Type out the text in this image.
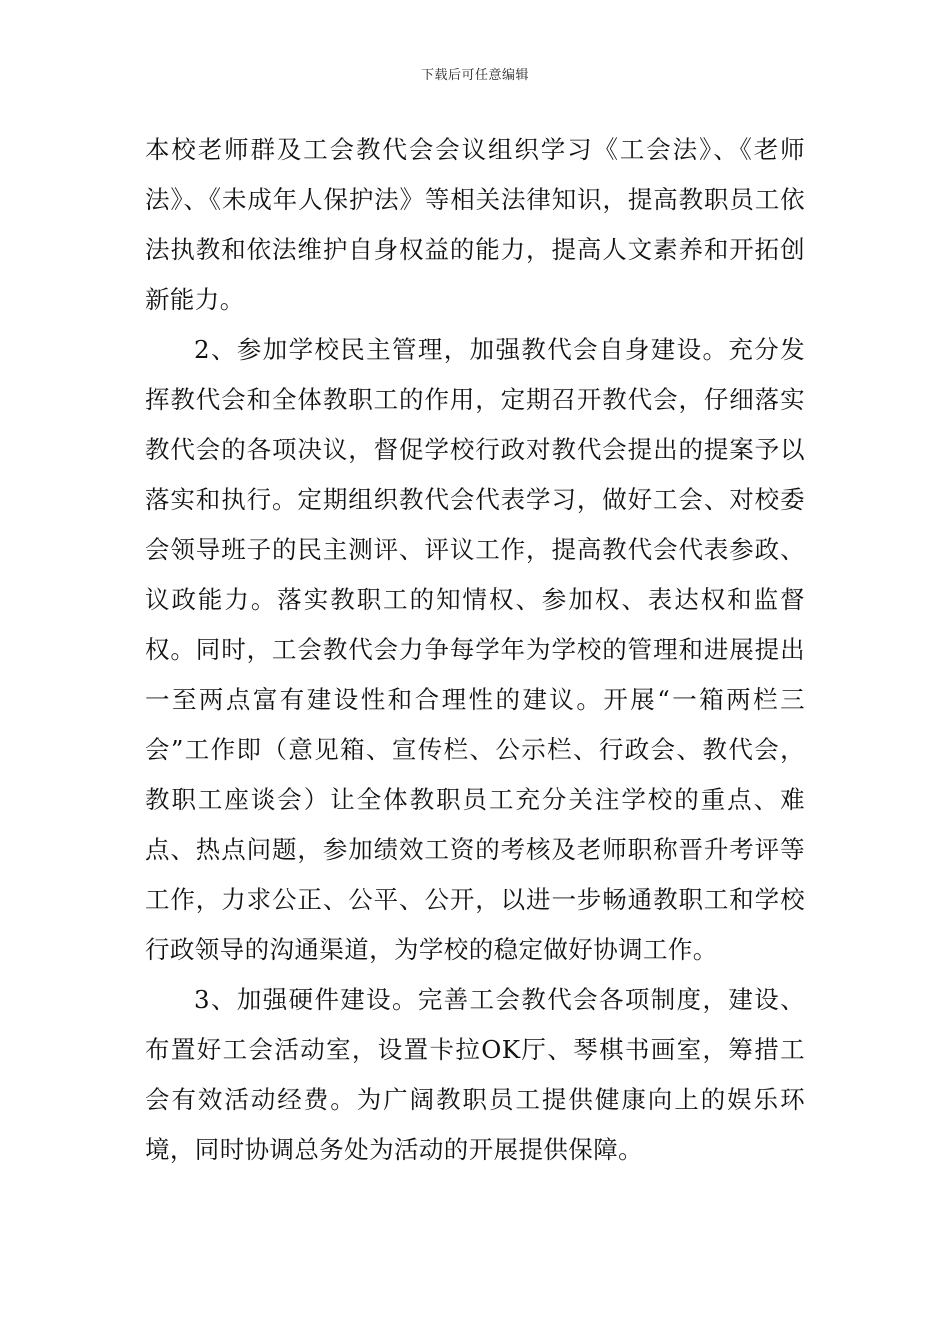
下载后可任意编辑

本校老师群及工会教代会会议组织学习《工会法》、《老师法》、《未成年人保护法》等相关法律知识，提高教职员工依法执教和依法维护自身权益的能力，提高人文素养和开拓创新能力。

2、参加学校民主管理，加强教代会自身建设。充分发挥教代会和全体教职工的作用，定期召开教代会，仔细落实教代会的各项决议，督促学校行政对教代会提出的提案予以落实和执行。定期组织教代会代表学习，做好工会、对校委会领导班子的民主测评、评议工作，提高教代会代表参政、议政能力。落实教职工的知情权、参加权、表达权和监督权。同时，工会教代会力争每学年为学校的管理和进展提出一至两点富有建设性和合理性的建议。开展“一箱两栏三会”工作即（意见箱、宣传栏、公示栏、行政会、教代会，教职工座谈会）让全体教职员工充分关注学校的重点、难点、热点问题，参加绩效工资的考核及老师职称晋升考评等工作，力求公正、公平、公开，以进一步畅通教职工和学校行政领导的沟通渠道，为学校的稳定做好协调工作。

3、加强硬件建设。完善工会教代会各项制度，建设、布置好工会活动室，设置卡拉OK厅、琴棋书画室，筹措工会有效活动经费。为广阔教职员工提供健康向上的娱乐环境，同时协调总务处为活动的开展提供保障。
